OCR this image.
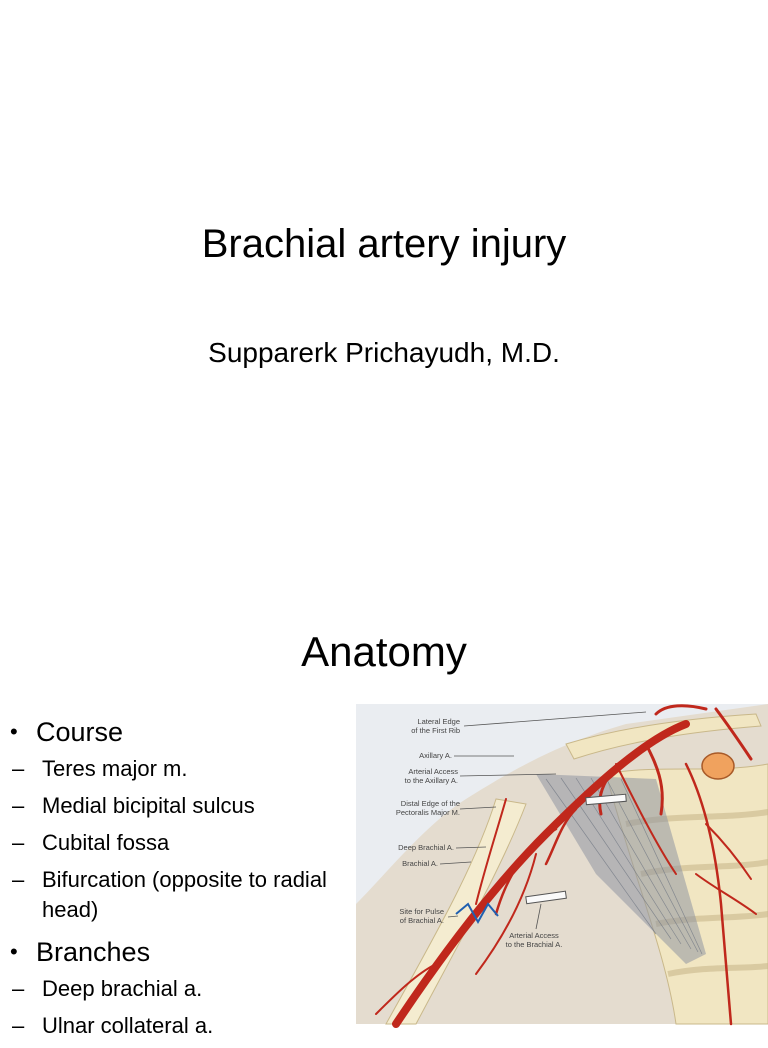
Brachial artery injury
Supparerk Prichayudh, M.D.
Anatomy
• Course
– Teres major m.
– Medial bicipital sulcus
– Cubital fossa
– Bifurcation (opposite to radial head)
• Branches
– Deep brachial a.
– Ulnar collateral a.
Lateral Edge
of the First Rib
Axillary A.
Arterial Access
to the Axillary A.
Distal Edge of the
Pectoralis Major M.
Deep Brachial A.
Brachial A.
Site for Pulse
of Brachial A.
Arterial Access
to the Brachial A.
